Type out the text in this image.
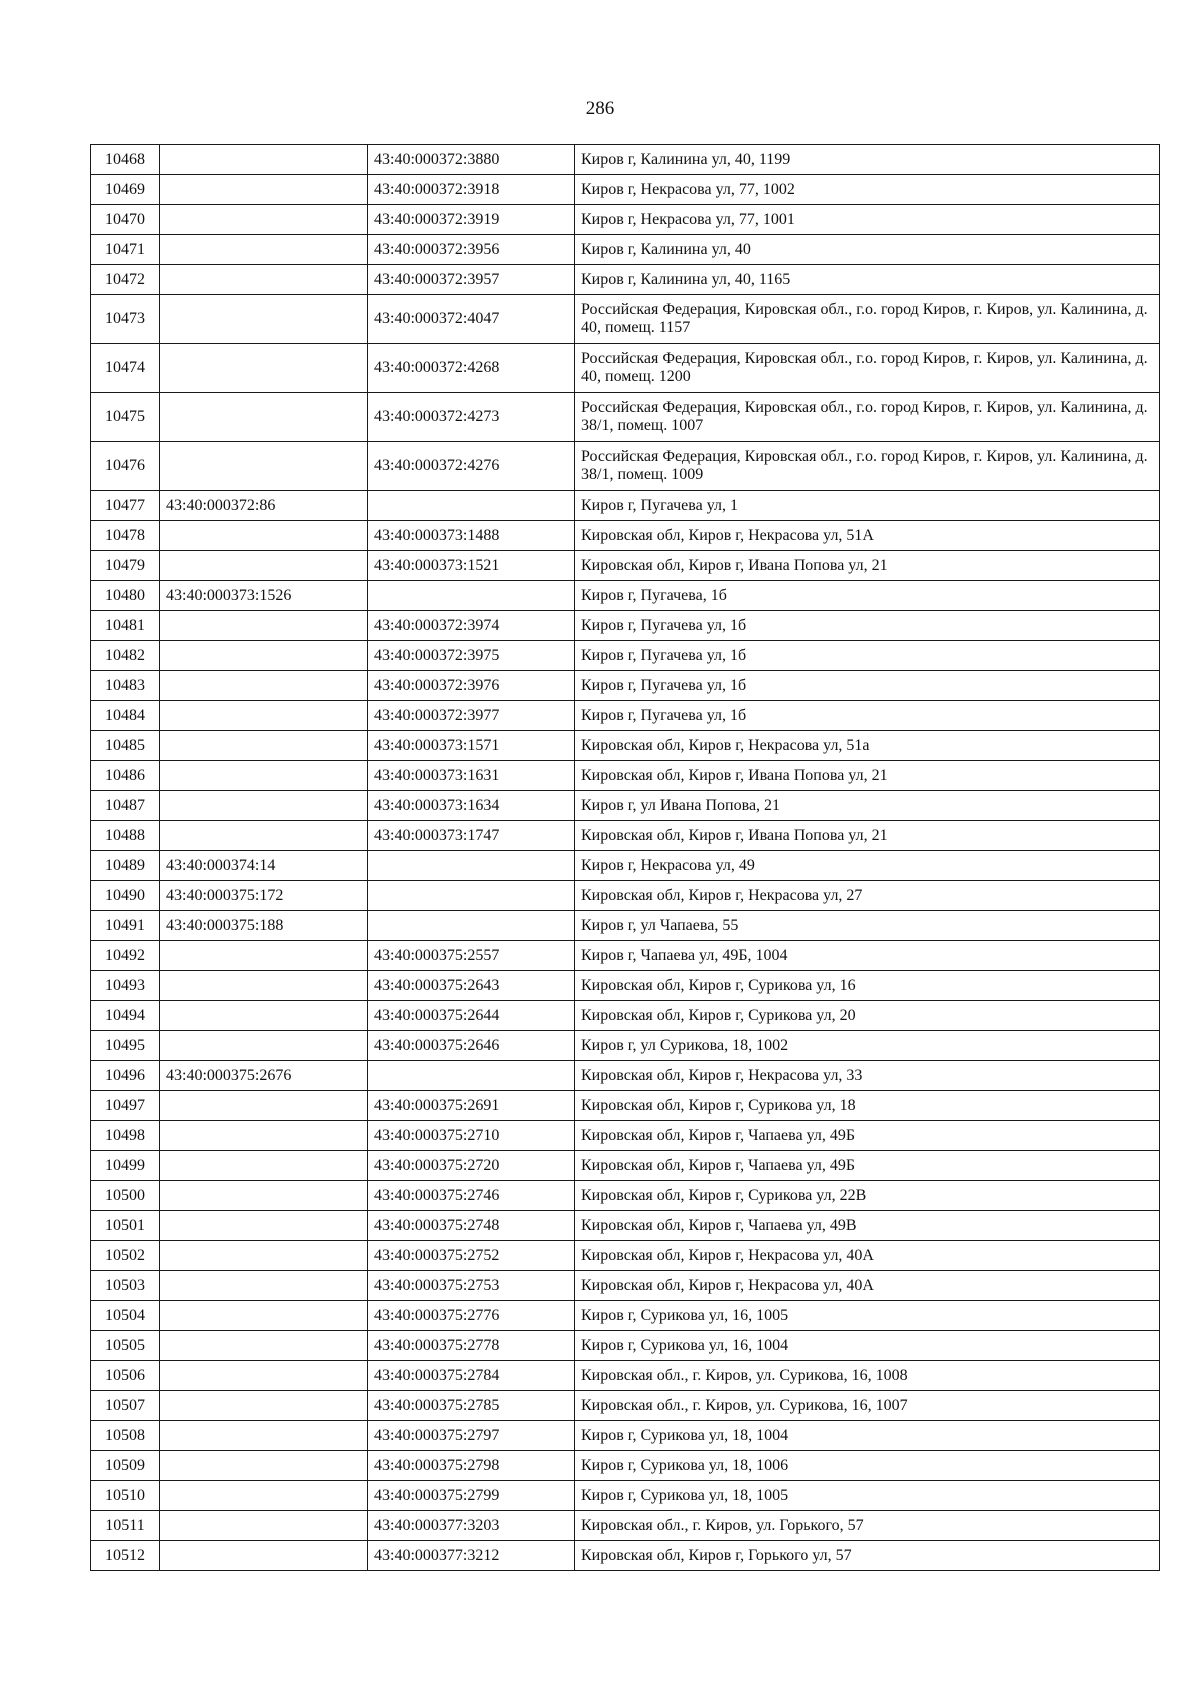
286
10468		43:40:000372:3880	Киров г, Калинина ул, 40, 1199
10469		43:40:000372:3918	Киров г, Некрасова ул, 77, 1002
10470		43:40:000372:3919	Киров г, Некрасова ул, 77, 1001
10471		43:40:000372:3956	Киров г, Калинина ул, 40
10472		43:40:000372:3957	Киров г, Калинина ул, 40, 1165
10473		43:40:000372:4047	Российская Федерация, Кировская обл., г.о. город Киров, г. Киров, ул. Калинина, д. 40, помещ. 1157
10474		43:40:000372:4268	Российская Федерация, Кировская обл., г.о. город Киров, г. Киров, ул. Калинина, д. 40, помещ. 1200
10475		43:40:000372:4273	Российская Федерация, Кировская обл., г.о. город Киров, г. Киров, ул. Калинина, д. 38/1, помещ. 1007
10476		43:40:000372:4276	Российская Федерация, Кировская обл., г.о. город Киров, г. Киров, ул. Калинина, д. 38/1, помещ. 1009
10477	43:40:000372:86		Киров г, Пугачева ул, 1
10478		43:40:000373:1488	Кировская обл, Киров г, Некрасова ул, 51А
10479		43:40:000373:1521	Кировская обл, Киров г, Ивана Попова ул, 21
10480	43:40:000373:1526		Киров г, Пугачева, 1б
10481		43:40:000372:3974	Киров г, Пугачева ул, 1б
10482		43:40:000372:3975	Киров г, Пугачева ул, 1б
10483		43:40:000372:3976	Киров г, Пугачева ул, 1б
10484		43:40:000372:3977	Киров г, Пугачева ул, 1б
10485		43:40:000373:1571	Кировская обл, Киров г, Некрасова ул, 51а
10486		43:40:000373:1631	Кировская обл, Киров г, Ивана Попова ул, 21
10487		43:40:000373:1634	Киров г, ул Ивана Попова, 21
10488		43:40:000373:1747	Кировская обл, Киров г, Ивана Попова ул, 21
10489	43:40:000374:14		Киров г, Некрасова ул, 49
10490	43:40:000375:172		Кировская обл, Киров г, Некрасова ул, 27
10491	43:40:000375:188		Киров г, ул Чапаева, 55
10492		43:40:000375:2557	Киров г, Чапаева ул, 49Б, 1004
10493		43:40:000375:2643	Кировская обл, Киров г, Сурикова ул, 16
10494		43:40:000375:2644	Кировская обл, Киров г, Сурикова ул, 20
10495		43:40:000375:2646	Киров г, ул Сурикова, 18, 1002
10496	43:40:000375:2676		Кировская обл, Киров г, Некрасова ул, 33
10497		43:40:000375:2691	Кировская обл, Киров г, Сурикова ул, 18
10498		43:40:000375:2710	Кировская обл, Киров г, Чапаева ул, 49Б
10499		43:40:000375:2720	Кировская обл, Киров г, Чапаева ул, 49Б
10500		43:40:000375:2746	Кировская обл, Киров г, Сурикова ул, 22В
10501		43:40:000375:2748	Кировская обл, Киров г, Чапаева ул, 49В
10502		43:40:000375:2752	Кировская обл, Киров г, Некрасова ул, 40А
10503		43:40:000375:2753	Кировская обл, Киров г, Некрасова ул, 40А
10504		43:40:000375:2776	Киров г, Сурикова ул, 16, 1005
10505		43:40:000375:2778	Киров г, Сурикова ул, 16, 1004
10506		43:40:000375:2784	Кировская обл., г. Киров, ул. Сурикова, 16, 1008
10507		43:40:000375:2785	Кировская обл., г. Киров, ул. Сурикова, 16, 1007
10508		43:40:000375:2797	Киров г, Сурикова ул, 18, 1004
10509		43:40:000375:2798	Киров г, Сурикова ул, 18, 1006
10510		43:40:000375:2799	Киров г, Сурикова ул, 18, 1005
10511		43:40:000377:3203	Кировская обл., г. Киров, ул. Горького, 57
10512		43:40:000377:3212	Кировская обл, Киров г, Горького ул, 57
